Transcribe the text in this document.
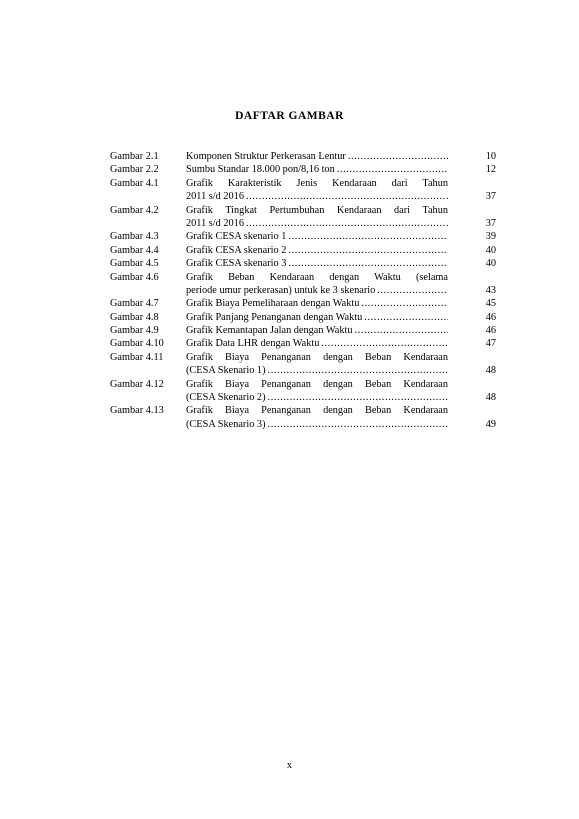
DAFTAR GAMBAR
Gambar 2.1	Komponen Struktur Perkerasan Lentur .....	10
Gambar 2.2	Sumbu Standar 18.000 pon/8,16 ton .....	12
Gambar 4.1	Grafik Karakteristik Jenis Kendaraan dari Tahun
2011 s/d 2016 .....	37
Gambar 4.2	Grafik Tingkat Pertumbuhan Kendaraan dari Tahun
2011 s/d 2016 .....	37
Gambar 4.3	Grafik CESA skenario 1 .....	39
Gambar 4.4	Grafik CESA skenario 2 .....	40
Gambar 4.5	Grafik CESA skenario 3 .....	40
Gambar 4.6	Grafik Beban Kendaraan dengan Waktu (selama
periode umur perkerasan) untuk ke 3 skenario .....	43
Gambar 4.7	Grafik Biaya Pemeliharaan dengan Waktu .....	45
Gambar 4.8	Grafik Panjang Penanganan dengan Waktu .....	46
Gambar 4.9	Grafik Kemantapan Jalan dengan Waktu .....	46
Gambar 4.10	Grafik Data LHR dengan Waktu .....	47
Gambar 4.11	Grafik Biaya Penanganan dengan Beban Kendaraan
(CESA Skenario 1) .....	48
Gambar 4.12	Grafik Biaya Penanganan dengan Beban Kendaraan
(CESA Skenario 2) .....	48
Gambar 4.13	Grafik Biaya Penanganan dengan Beban Kendaraan
(CESA Skenario 3) .....	49
x
